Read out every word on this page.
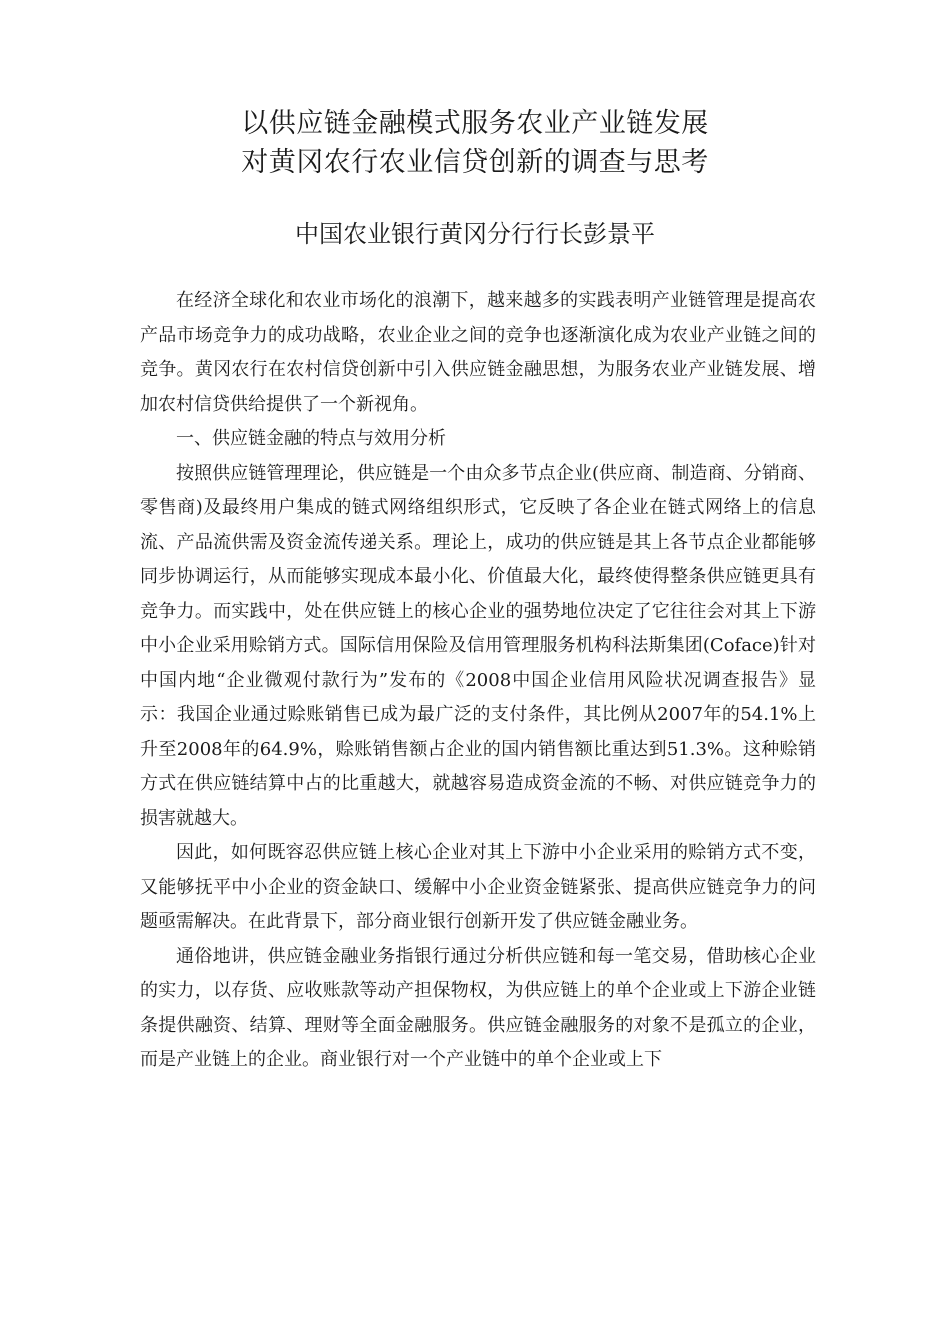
以供应链金融模式服务农业产业链发展
对黄冈农行农业信贷创新的调查与思考
中国农业银行黄冈分行行长彭景平

在经济全球化和农业市场化的浪潮下，越来越多的实践表明产业链管理是提高农产品市场竞争力的成功战略，农业企业之间的竞争也逐渐演化成为农业产业链之间的竞争。黄冈农行在农村信贷创新中引入供应链金融思想，为服务农业产业链发展、增加农村信贷供给提供了一个新视角。

一、供应链金融的特点与效用分析

按照供应链管理理论，供应链是一个由众多节点企业(供应商、制造商、分销商、零售商)及最终用户集成的链式网络组织形式，它反映了各企业在链式网络上的信息流、产品流供需及资金流传递关系。理论上，成功的供应链是其上各节点企业都能够同步协调运行，从而能够实现成本最小化、价值最大化，最终使得整条供应链更具有竞争力。而实践中，处在供应链上的核心企业的强势地位决定了它往往会对其上下游中小企业采用赊销方式。国际信用保险及信用管理服务机构科法斯集团(Coface)针对中国内地“企业微观付款行为”发布的《2008中国企业信用风险状况调查报告》显示：我国企业通过赊账销售已成为最广泛的支付条件，其比例从2007年的54.1%上升至2008年的64.9%，赊账销售额占企业的国内销售额比重达到51.3%。这种赊销方式在供应链结算中占的比重越大，就越容易造成资金流的不畅、对供应链竞争力的损害就越大。

因此，如何既容忍供应链上核心企业对其上下游中小企业采用的赊销方式不变，又能够抚平中小企业的资金缺口、缓解中小企业资金链紧张、提高供应链竞争力的问题亟需解决。在此背景下，部分商业银行创新开发了供应链金融业务。

通俗地讲，供应链金融业务指银行通过分析供应链和每一笔交易，借助核心企业的实力，以存货、应收账款等动产担保物权，为供应链上的单个企业或上下游企业链条提供融资、结算、理财等全面金融服务。供应链金融服务的对象不是孤立的企业，而是产业链上的企业。商业银行对一个产业链中的单个企业或上下
